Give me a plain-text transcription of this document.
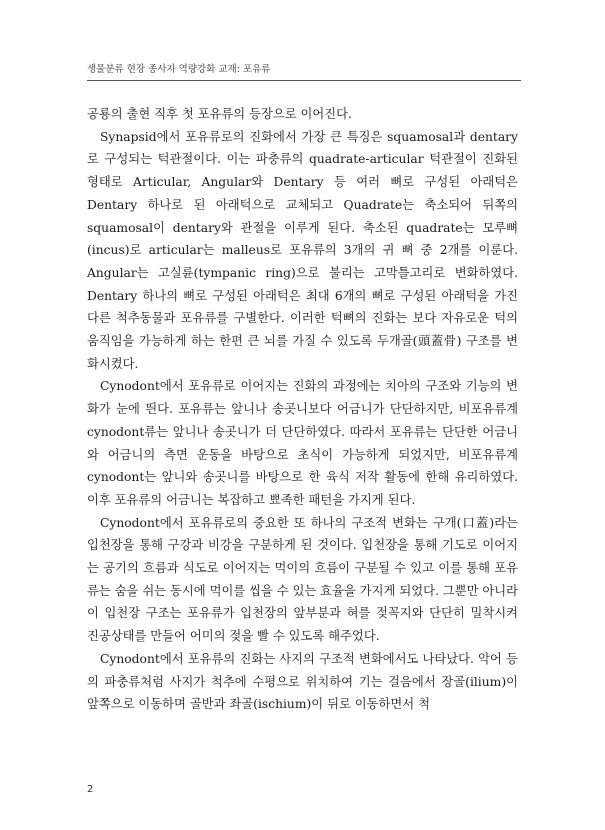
생물분류 현장 종사자 역량강화 교재: 포유류

공룡의 출현 직후 첫 포유류의 등장으로 이어진다.

Synapsid에서 포유류로의 진화에서 가장 큰 특징은 squamosal과 dentary로 구성되는 턱관절이다. 이는 파충류의 quadrate-articular 턱관절이 진화된 형태로 Articular, Angular와 Dentary 등 여러 뼈로 구성된 아래턱은 Dentary 하나로 된 아래턱으로 교체되고 Quadrate는 축소되어 뒤쪽의 squamosal이 dentary와 관절을 이루게 된다. 축소된 quadrate는 모루뼈(incus)로 articular는 malleus로 포유류의 3개의 귀 뼈 중 2개를 이룬다. Angular는 고실륜(tympanic ring)으로 불리는 고막틀고리로 변화하였다. Dentary 하나의 뼈로 구성된 아래턱은 최대 6개의 뼈로 구성된 아래턱을 가진 다른 척추동물과 포유류를 구별한다. 이러한 턱뼈의 진화는 보다 자유로운 턱의 움직임을 가능하게 하는 한편 큰 뇌를 가질 수 있도록 두개골(頭蓋骨) 구조를 변화시켰다.

Cynodont에서 포유류로 이어지는 진화의 과정에는 치아의 구조와 기능의 변화가 눈에 띈다. 포유류는 앞니나 송곳니보다 어금니가 단단하지만, 비포유류계 cynodont류는 앞니나 송곳니가 더 단단하였다. 따라서 포유류는 단단한 어금니와 어금니의 측면 운동을 바탕으로 초식이 가능하게 되었지만, 비포유류계 cynodont는 앞니와 송곳니를 바탕으로 한 육식 저작 활동에 한해 유리하였다. 이후 포유류의 어금니는 복잡하고 뾰족한 패턴을 가지게 된다.

Cynodont에서 포유류로의 중요한 또 하나의 구조적 변화는 구개(口蓋)라는 입천장을 통해 구강과 비강을 구분하게 된 것이다. 입천장을 통해 기도로 이어지는 공기의 흐름과 식도로 이어지는 먹이의 흐름이 구분될 수 있고 이를 통해 포유류는 숨을 쉬는 동시에 먹이를 씹을 수 있는 효율을 가지게 되었다. 그뿐만 아니라 이 입천장 구조는 포유류가 입천장의 앞부분과 혀를 젖꼭지와 단단히 밀착시켜 진공상태를 만들어 어미의 젖을 빨 수 있도록 해주었다.

Cynodont에서 포유류의 진화는 사지의 구조적 변화에서도 나타났다. 악어 등의 파충류처럼 사지가 척추에 수평으로 위치하여 기는 걸음에서 장골(ilium)이 앞쪽으로 이동하며 골반과 좌골(ischium)이 뒤로 이동하면서 척

2
